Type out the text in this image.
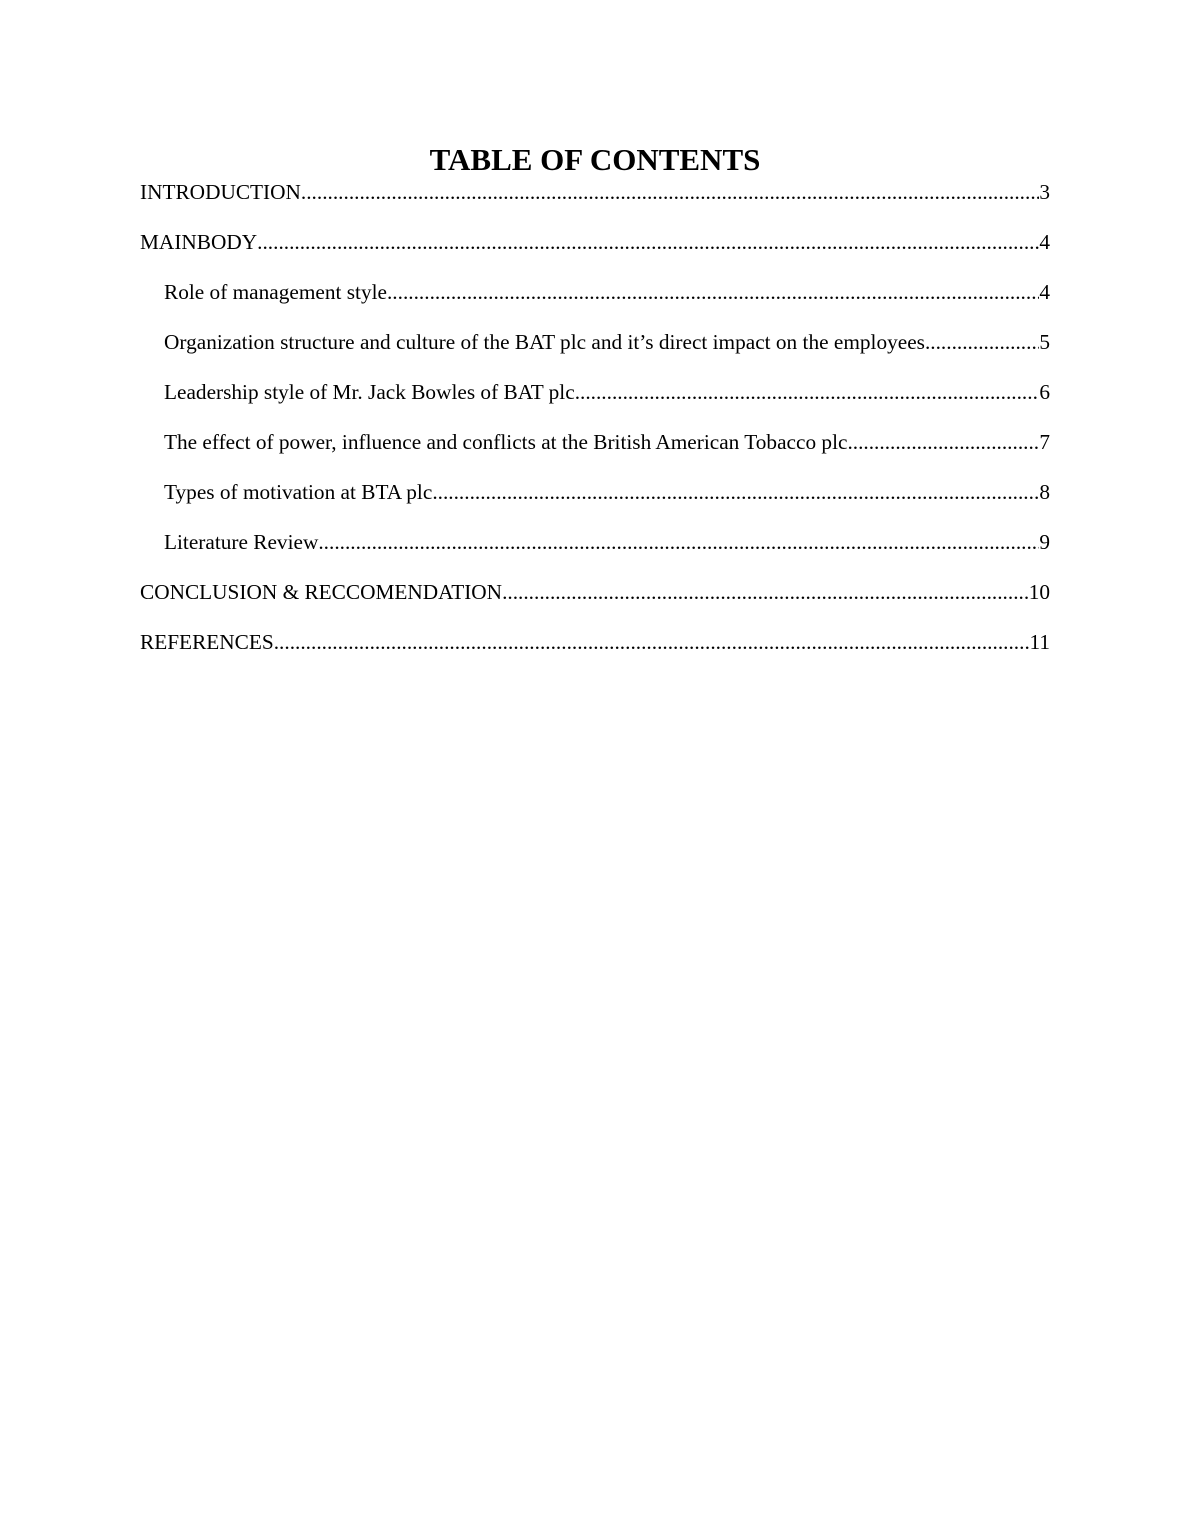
TABLE OF CONTENTS
INTRODUCTION .....	3
MAINBODY .....	4
Role of management style .....	4
Organization structure and culture of the BAT plc and it’s direct impact on the employees .....	5
Leadership style of Mr. Jack Bowles of BAT plc .....	6
The effect of power, influence and conflicts at the British American Tobacco plc .....	7
Types of motivation at BTA plc .....	8
Literature Review .....	9
CONCLUSION & RECCOMENDATION .....	10
REFERENCES .....	11
